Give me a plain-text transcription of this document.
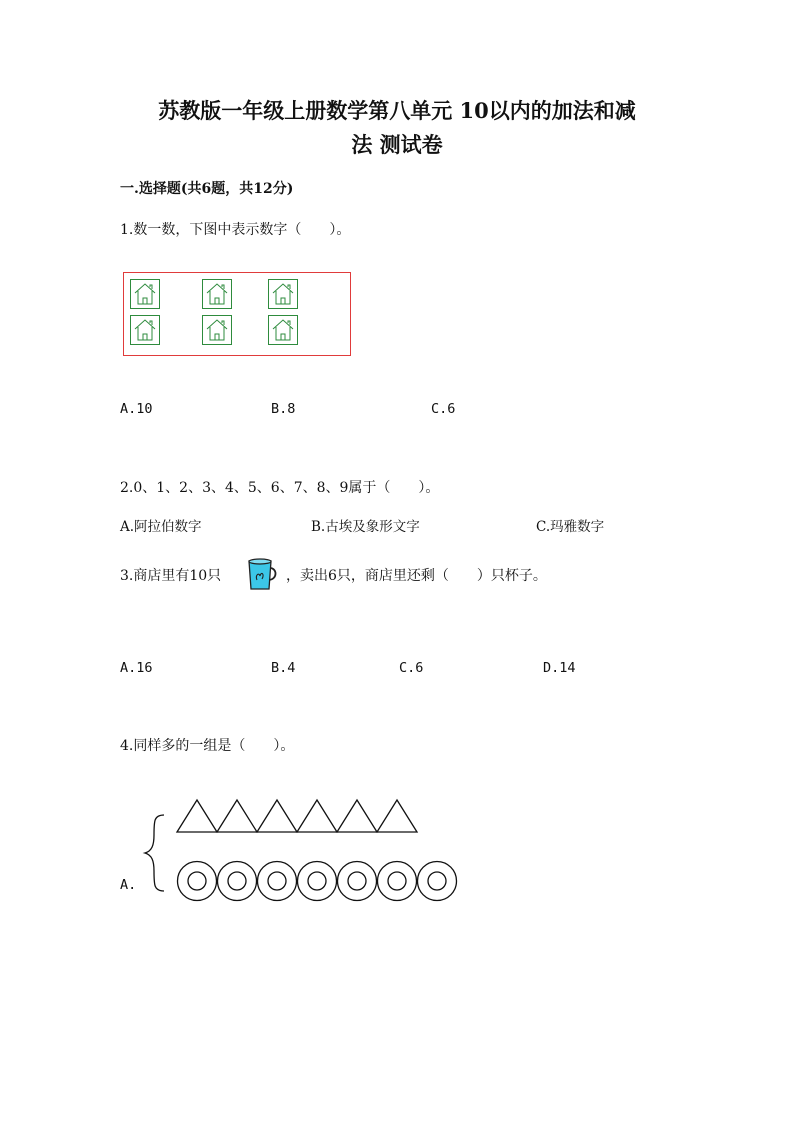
苏教版一年级上册数学第八单元 10以内的加法和减
法 测试卷
一.选择题(共6题，共12分)
1.数一数，下图中表示数字（　　）。
A.10	B.8	C.6
2.0、1、2、3、4、5、6、7、8、9属于（　　）。
A.阿拉伯数字	B.古埃及象形文字	C.玛雅数字
3.商店里有10只	，卖出6只，商店里还剩（　　）只杯子。
A.16	B.4	C.6	D.14
4.同样多的一组是（　　）。
A.
